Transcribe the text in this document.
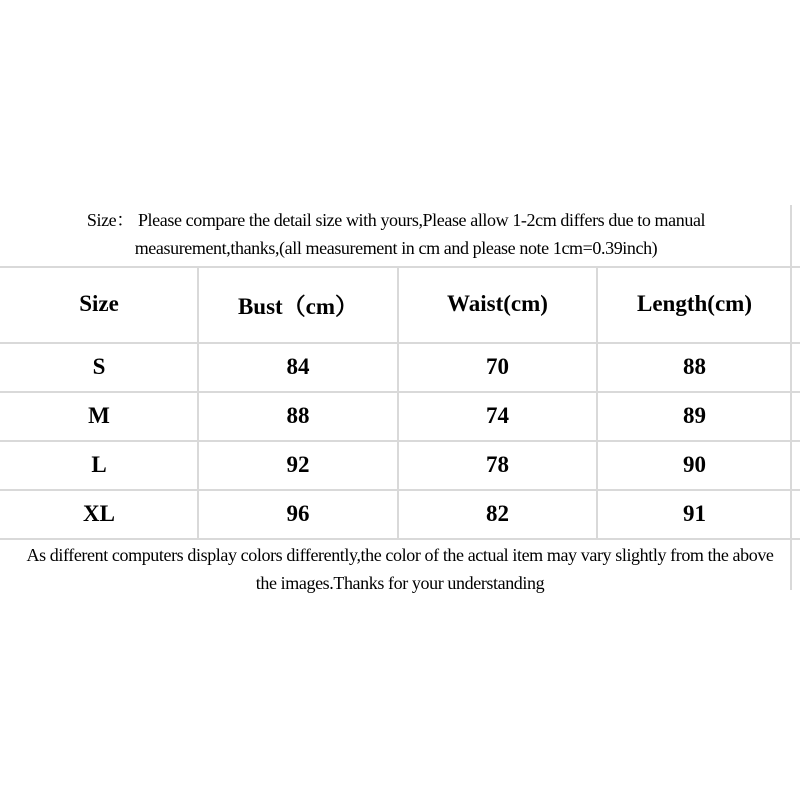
Size： Please compare the detail size with yours,Please allow 1-2cm differs due to manual
measurement,thanks,(all measurement in cm and please note 1cm=0.39inch)
Size	Bust（cm）	Waist(cm)	Length(cm)
S	84	70	88
M	88	74	89
L	92	78	90
XL	96	82	91
As different computers display colors differently,the color of the actual item may vary slightly from the above
the images.Thanks for your understanding
